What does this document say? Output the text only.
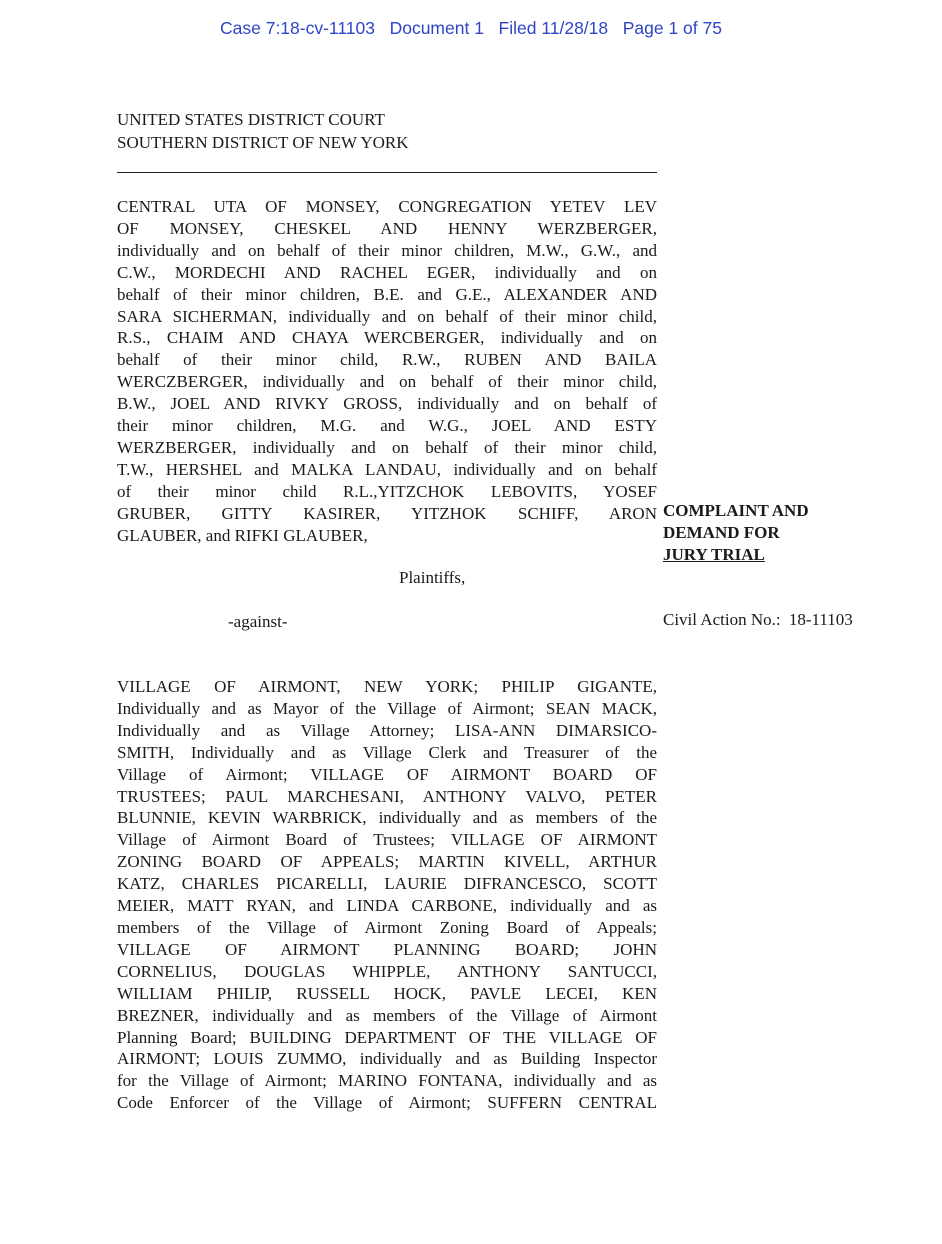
Case 7:18-cv-11103   Document 1   Filed 11/28/18   Page 1 of 75
UNITED STATES DISTRICT COURT
SOUTHERN DISTRICT OF NEW YORK
CENTRAL UTA OF MONSEY, CONGREGATION YETEV LEV
OF MONSEY, CHESKEL AND HENNY WERZBERGER,
individually and on behalf of their minor children, M.W., G.W., and
C.W., MORDECHI AND RACHEL EGER, individually and on
behalf of their minor children, B.E. and G.E., ALEXANDER AND
SARA SICHERMAN, individually and on behalf of their minor child,
R.S., CHAIM AND CHAYA WERCBERGER, individually and on
behalf of their minor child, R.W., RUBEN AND BAILA
WERCZBERGER, individually and on behalf of their minor child,
B.W., JOEL AND RIVKY GROSS, individually and on behalf of
their minor children, M.G. and W.G., JOEL AND ESTY
WERZBERGER, individually and on behalf of their minor child,
T.W., HERSHEL and MALKA LANDAU, individually and on behalf
of their minor child R.L.,YITZCHOK LEBOVITS, YOSEF
GRUBER, GITTY KASIRER, YITZHOK SCHIFF, ARON
GLAUBER, and RIFKI GLAUBER,
COMPLAINT AND
DEMAND FOR
JURY TRIAL
Plaintiffs,
-against-	Civil Action No.: 18-11103
VILLAGE OF AIRMONT, NEW YORK; PHILIP GIGANTE,
Individually and as Mayor of the Village of Airmont; SEAN MACK,
Individually and as Village Attorney; LISA-ANN DIMARSICO-
SMITH, Individually and as Village Clerk and Treasurer of the
Village of Airmont; VILLAGE OF AIRMONT BOARD OF
TRUSTEES; PAUL MARCHESANI, ANTHONY VALVO, PETER
BLUNNIE, KEVIN WARBRICK, individually and as members of the
Village of Airmont Board of Trustees; VILLAGE OF AIRMONT
ZONING BOARD OF APPEALS; MARTIN KIVELL, ARTHUR
KATZ, CHARLES PICARELLI, LAURIE DIFRANCESCO, SCOTT
MEIER, MATT RYAN, and LINDA CARBONE, individually and as
members of the Village of Airmont Zoning Board of Appeals;
VILLAGE OF AIRMONT PLANNING BOARD; JOHN
CORNELIUS, DOUGLAS WHIPPLE, ANTHONY SANTUCCI,
WILLIAM PHILIP, RUSSELL HOCK, PAVLE LECEI, KEN
BREZNER, individually and as members of the Village of Airmont
Planning Board; BUILDING DEPARTMENT OF THE VILLAGE OF
AIRMONT; LOUIS ZUMMO, individually and as Building Inspector
for the Village of Airmont; MARINO FONTANA, individually and as
Code Enforcer of the Village of Airmont; SUFFERN CENTRAL
